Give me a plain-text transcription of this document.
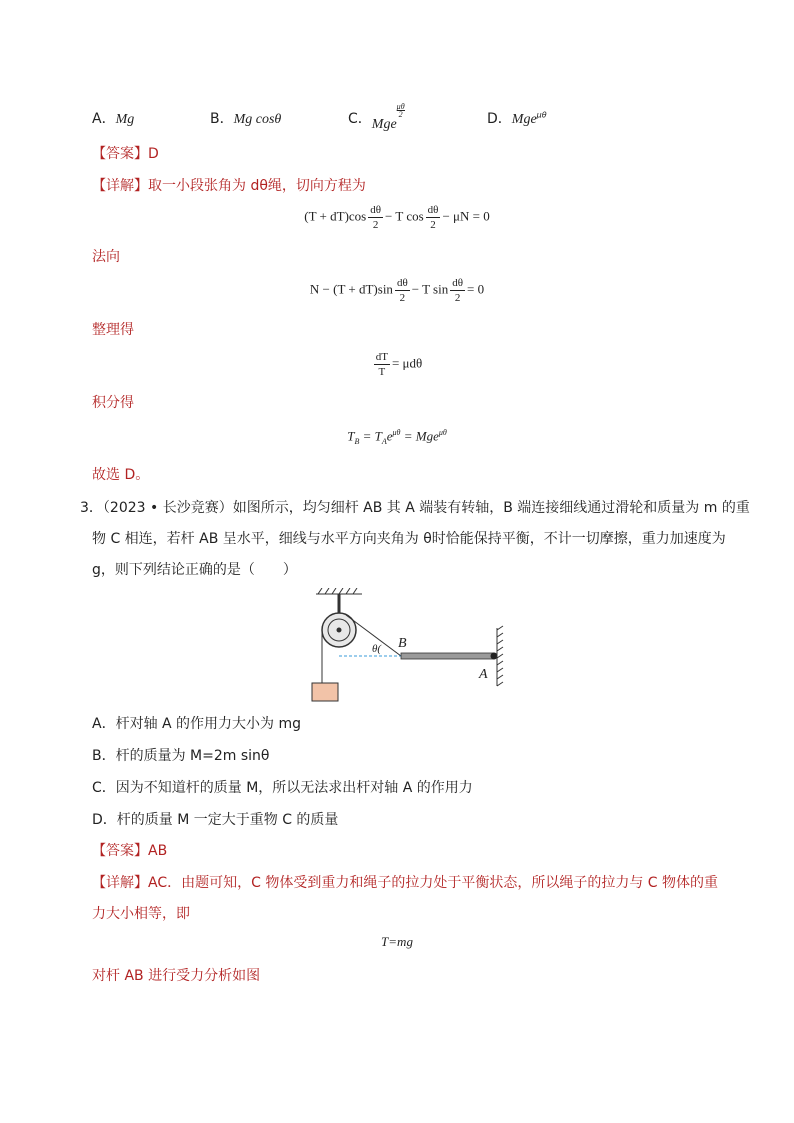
A．Mg	B．Mg cosθ	C．Mge
$\frac{\mu\theta}{2}$
D．Mge$^{\mu\theta}$
【答案】D
【详解】取一小段张角为 dθ绳，切向方程为
$(T + dT)\cos \frac{d\theta}{2} - T$ $\cos \frac{d\theta}{2} - \mu N = 0$
法向
$N - (T + dT)\sin \frac{d\theta}{2} - T$ $\sin \frac{d\theta}{2} = 0$
整理得
$\frac{dT}{T} = \mu d\theta$
积分得
$T_B = T_Ae^{\mu\theta} = Mge^{\mu\theta}$
故选 D。
3．（2023 • 长沙竞赛）如图所示，均匀细杆 AB 其 A 端装有转轴，B 端连接细线通过滑轮和质量为 m 的重
物 C 相连，若杆 AB 呈水平，细线与水平方向夹角为 θ时恰能保持平衡，不计一切摩擦，重力加速度为
g，则下列结论正确的是（　　）
B
A
θ(
A．杆对轴 A 的作用力大小为 mg
B．杆的质量为 M=2m sinθ
C．因为不知道杆的质量 M，所以无法求出杆对轴 A 的作用力
D．杆的质量 M 一定大于重物 C 的质量
【答案】AB
【详解】AC．由题可知，C 物体受到重力和绳子的拉力处于平衡状态，所以绳子的拉力与 C 物体的重
力大小相等，即
T=mg
对杆 AB 进行受力分析如图
